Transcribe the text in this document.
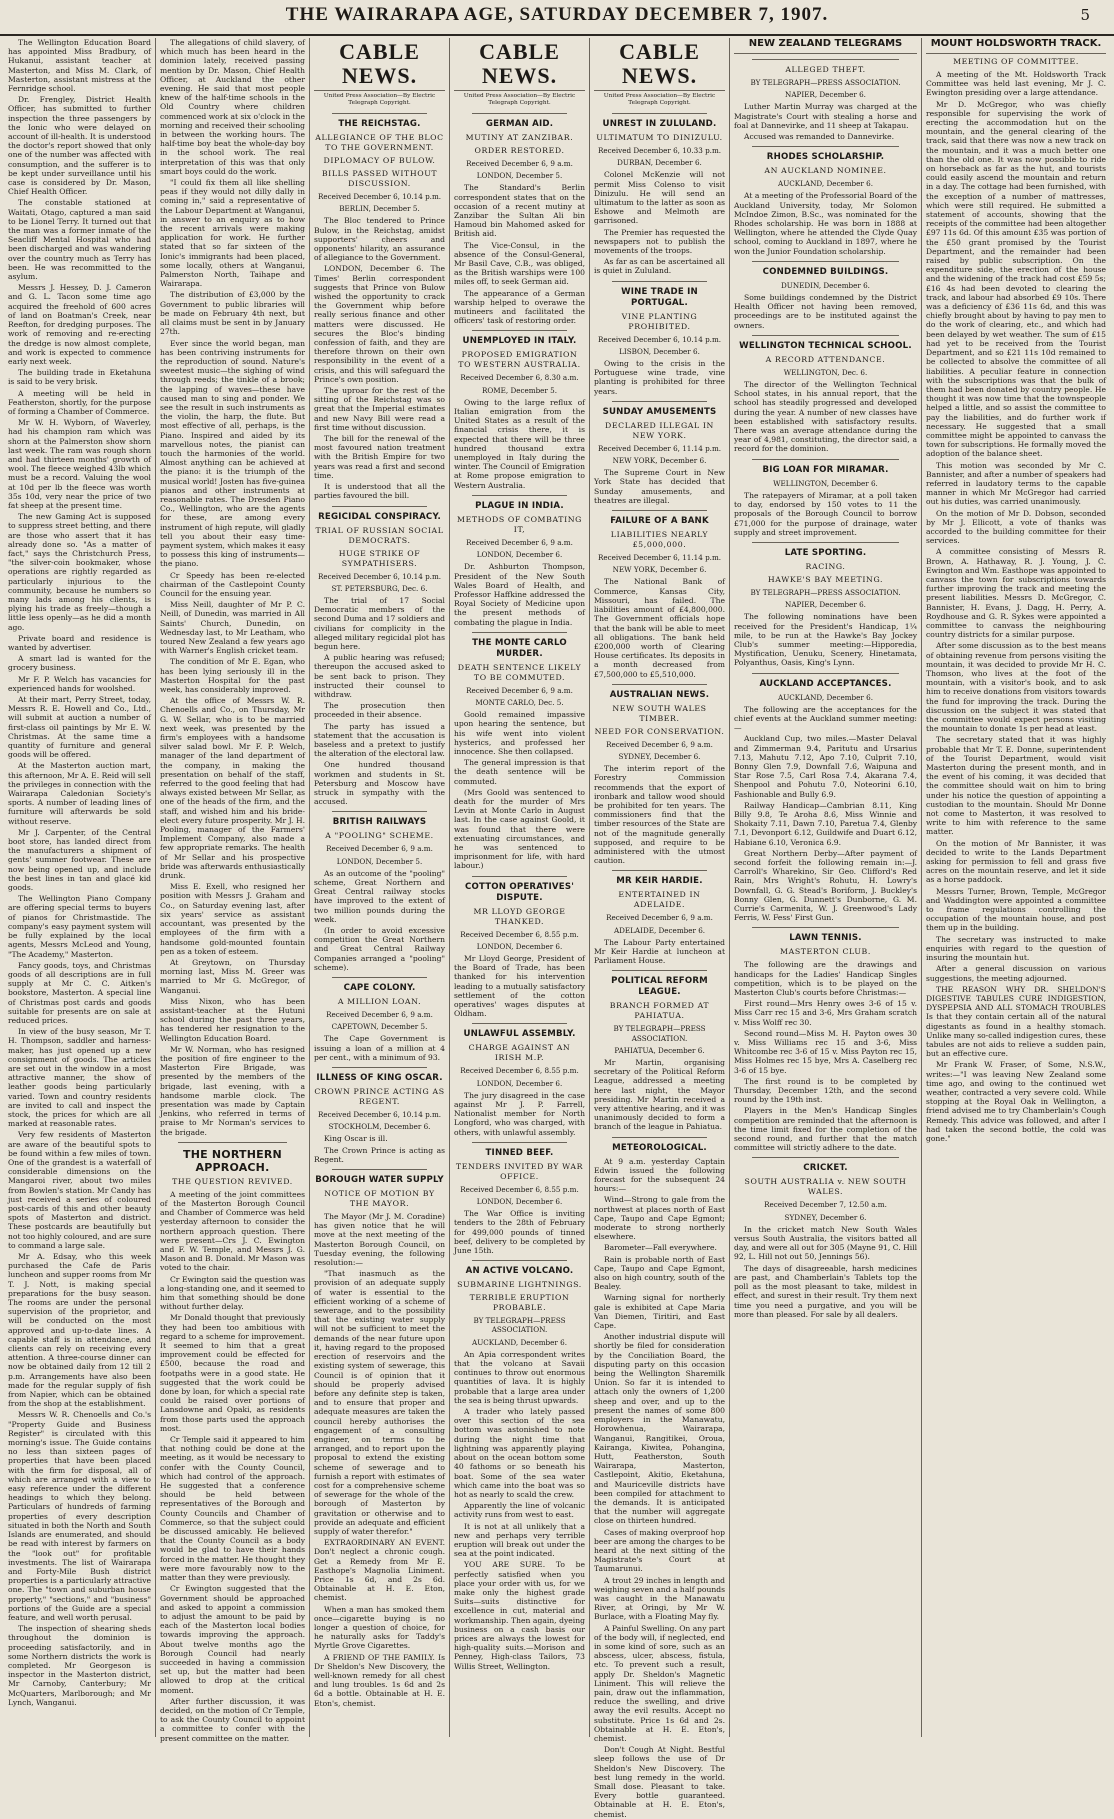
THE WAIRARAPA AGE, SATURDAY DECEMBER 7, 1907.	5

The Wellington Education Board has appointed Miss Bradbury, of Hukanui, assistant teacher at Masterton, and Miss M. Clark, of Masterton, assistant mistress at the Fernridge school.

Dr. Frengley, District Health Officer, has submitted to further inspection the three passengers by the Ionic who were delayed on account of ill-health. It is understood the doctor's report showed that only one of the number was affected with consumption, and the sufferer is to be kept under surveillance until his case is considered by Dr. Mason, Chief Health Officer.

The constable stationed at Waitati, Otago, captured a man said to be Lionel Terry. It turned out that the man was a former inmate of the Seacliff Mental Hospital who had been discharged and was wandering over the country much as Terry has been. He was recommitted to the asylum.

Messrs J. Hessey, D. J. Cameron and G. L. Tacon some time ago acquired the freehold of 600 acres of land on Boatman's Creek, near Reefton, for dredging purposes. The work of removing and re-erecting the dredge is now almost complete, and work is expected to commence early next week.

The building trade in Eketahuna is said to be very brisk.

A meeting will be held in Featherston, shortly, for the purpose of forming a Chamber of Commerce.

Mr W. H. Wyborn, of Waverley, had his champion ram which was shorn at the Palmerston show shorn last week. The ram was rough shorn and had thirteen months' growth of wool. The fleece weighed 43lb which must be a record. Valuing the wool at 10d per lb the fleece was worth 35s 10d, very near the price of two fat sheep at the present time.

The new Gaming Act is supposed to suppress street betting, and there are those who assert that it has already done so. "As a matter of fact," says the Christchurch Press, "the silver-coin bookmaker, whose operations are rightly regarded as particularly injurious to the community, because he numbers so many lads among his clients, is plying his trade as freely—though a little less openly—as he did a month ago.

Private board and residence is wanted by advertiser.

A smart lad is wanted for the grocery business.

Mr F. P. Welch has vacancies for experienced hands for woolshed.

At their mart, Perry Street, today, Messrs R. E. Howell and Co., Ltd., will submit at auction a number of first-class oil paintings by Mr E. W. Christmas. At the same time a quantity of furniture and general goods will be offered.

At the Masterton auction mart, this afternoon, Mr A. E. Reid will sell the privileges in connection with the Wairarapa Caledonian Society's sports. A number of leading lines of furniture will afterwards be sold without reserve.

Mr J. Carpenter, of the Central boot store, has landed direct from the manufacturers a shipment of gents' summer footwear. These are now being opened up, and include the best lines in tan and glacé kid goods.

The Wellington Piano Company are offering special terms to buyers of pianos for Christmastide. The company's easy payment system will be fully explained by the local agents, Messrs McLeod and Young, "The Academy," Masterton.

Fancy goods, toys, and Christmas goods of all descriptions are in full supply at Mr C. C. Aitken's bookstore, Masterton. A special line of Christmas post cards and goods suitable for presents are on sale at reduced prices.

In view of the busy season, Mr T. H. Thompson, saddler and harness-maker, has just opened up a new consignment of goods. The articles are set out in the window in a most attractive manner, the show of leather goods being particularly varied. Town and country residents are invited to call and inspect the stock, the prices for which are all marked at reasonable rates.

Very few residents of Masterton are aware of the beautiful spots to be found within a few miles of town. One of the grandest is a waterfall of considerable dimensions on the Mangaroi river, about two miles from Bowlen's station. Mr Candy has just received a series of coloured post-cards of this and other beauty spots of Masterton and district. These postcards are beautifully but not too highly coloured, and are sure to command a large sale.

Mr A. Edsay, who this week purchased the Cafe de Paris luncheon and supper rooms from Mr T. J. Nott, is making special preparations for the busy season. The rooms are under the personal supervision of the proprietor, and will be conducted on the most approved and up-to-date lines. A capable staff is in attendance, and clients can rely on receiving every attention. A three-course dinner can now be obtained daily from 12 till 2 p.m. Arrangements have also been made for the regular supply of fish from Napier, which can be obtained from the shop at the establishment.

Messrs W. R. Chenoells and Co.'s "Property Guide and Business Register" is circulated with this morning's issue. The Guide contains no less than sixteen pages of properties that have been placed with the firm for disposal, all of which are arranged with a view to easy reference under the different headings to which they belong. Particulars of hundreds of farming properties of every description situated in both the North and South Islands are enumerated, and should be read with interest by farmers on the "look out" for profitable investments. The list of Wairarapa and Forty-Mile Bush district properties is a particularly attractive one. The "town and suburban house property," "sections," and "business" portions of the Guide are a special feature, and well worth perusal.

The inspection of shearing sheds throughout the dominion is proceeding satisfactorily, and in some Northern districts the work is completed. Mr Georgeson is inspector in the Masterton district, Mr Carnoby, Canterbury; Mr McQuarters, Marlborough; and Mr Lynch, Wanganui.

The allegations of child slavery, of which much has been heard in the dominion lately, received passing mention by Dr. Mason, Chief Health Officer, at Auckland the other evening. He said that most people knew of the half-time schools in the Old Country where children commenced work at six o'clock in the morning and received their schooling in between the working hours. The half-time boy beat the whole-day boy in the school work. The real interpretation of this was that only smart boys could do the work.

"I could fix them all like shelling peas if they would not dilly dally in coming in," said a representative of the Labour Department at Wanganui, in answer to an enquiry as to how the recent arrivals were making application for work. He further stated that so far sixteen of the Ionic's immigrants had been placed, some locally, others at Wanganui, Palmerston North, Taihape and Wairarapa.

The distribution of £3,000 by the Government to public libraries will be made on February 4th next, but all claims must be sent in by January 27th.

Ever since the world began, man has been contriving instruments for the reproduction of sound. Nature's sweetest music—the sighing of wind through reeds; the tinkle of a brook; the lapping of waves—these have caused man to sing and ponder. We see the result in such instruments as the violin, the harp, the flute. But most effective of all, perhaps, is the Piano. Inspired and aided by its marvellous notes, the pianist can touch the harmonies of the world. Almost anything can be achieved at the piano: it is the triumph of the musical world! Josten has five-guinea pianos and other instruments at reasonable rates. The Dresden Piano Co., Wellington, who are the agents for these, are among every instrument of high repute, will gladly tell you about their easy time-payment system, which makes it easy to possess this king of instruments—the piano.

Cr Speedy has been re-elected chairman of the Castlepoint County Council for the ensuing year.

Miss Neill, daughter of Mr P. C. Neill, of Dunedin, was married in All Saints' Church, Dunedin, on Wednesday last, to Mr Leatham, who toured New Zealand a few years ago with Warner's English cricket team.

The condition of Mr E. Egan, who has been lying seriously ill in the Masterton Hospital for the past week, has considerably improved.

At the office of Messrs W. R. Chenoells and Co., on Thursday, Mr G. W. Sellar, who is to be married next week, was presented by the firm's employees with a handsome silver salad bowl. Mr F. P. Welch, manager of the land department of the company, in making the presentation on behalf of the staff, referred to the good feeling that had always existed between Mr Sellar, as one of the heads of the firm, and the staff, and wished him and his bride-elect every future prosperity. Mr J. H. Pooling, manager of the Farmers' Implement Company, also made a few appropriate remarks. The health of Mr Sellar and his prospective bride was afterwards enthusiastically drunk.

Miss E. Exell, who resigned her position with Messrs J. Graham and Co., on Saturday evening last, after six years' service as assistant accountant, was presented by the employees of the firm with a handsome gold-mounted fountain pen as a token of esteem.

At Greytown, on Thursday morning last, Miss M. Greer was married to Mr G. McGregor, of Wanganui.

Miss Nixon, who has been assistant-teacher at the Hutuni school during the past three years, has tendered her resignation to the Wellington Education Board.

Mr W. Norman, who has resigned the position of fire engineer to the Masterton Fire Brigade, was presented by the members of the brigade, last evening, with a handsome marble clock. The presentation was made by Captain Jenkins, who referred in terms of praise to Mr Norman's services to the brigade.

THE NORTHERN APPROACH.
THE QUESTION REVIVED.

A meeting of the joint committees of the Masterton Borough Council and Chamber of Commerce was held yesterday afternoon to consider the northern approach question. There were present—Crs J. C. Ewington and F. W. Temple, and Messrs J. G. Mason and B. Donald. Mr Mason was voted to the chair.

Cr Ewington said the question was a long-standing one, and it seemed to him that something should be done without further delay.

Mr Donald thought that previously they had been too ambitious with regard to a scheme for improvement. It seemed to him that a great improvement could be effected for £500, because the road and footpaths were in a good state. He suggested that the work could be done by loan, for which a special rate could be raised over portions of Lansdowne and Opaki, as residents from those parts used the approach most.

Cr Temple said it appeared to him that nothing could be done at the meeting, as it would be necessary to confer with the County Council, which had control of the approach. He suggested that a conference should be held between representatives of the Borough and County Councils and Chamber of Commerce, so that the subject could be discussed amicably. He believed that the County Council as a body would be glad to have their hands forced in the matter. He thought they were more favourably now to the matter than they were previously.

Cr Ewington suggested that the Government should be approached and asked to appoint a commission to adjust the amount to be paid by each of the Masterton local bodies towards improving the approach. About twelve months ago the Borough Council had nearly succeeded in having a commission set up, but the matter had been allowed to drop at the critical moment.

After further discussion, it was decided, on the motion of Cr Temple, to ask the County Council to appoint a committee to confer with the present committee on the matter.

CABLE NEWS.
United Press Association—By Electric Telegraph Copyright.
THE REICHSTAG.
ALLEGIANCE OF THE BLOC TO THE GOVERNMENT.
DIPLOMACY OF BULOW.
BILLS PASSED WITHOUT DISCUSSION.
Received December 6, 10.14 p.m.
BERLIN, December 5.

The Bloc tendered to Prince Bulow, in the Reichstag, amidst supporters' cheers and opponents' hilarity, an assurance of allegiance to the Government.

LONDON, December 6. The Times' Berlin correspondent suggests that Prince von Bulow wished the opportunity to crack the Government whip before really serious finance and other matters were discussed. He secures the Bloc's binding confession of faith, and they are therefore thrown on their own responsibility in the event of a crisis, and this will safeguard the Prince's own position.

The uproar for the rest of the sitting of the Reichstag was so great that the Imperial estimates and new Navy Bill were read a first time without discussion.

The bill for the renewal of the most favoured nation treatment with the British Empire for two years was read a first and second time.

It is understood that all the parties favoured the bill.

REGICIDAL CONSPIRACY.
TRIAL OF RUSSIAN SOCIAL DEMOCRATS.
HUGE STRIKE OF SYMPATHISERS.
Received December 6, 10.14 p.m.
ST. PETERSBURG, Dec. 6.

The trial of 17 Social Democratic members of the second Duma and 17 soldiers and civilians for complicity in the alleged military regicidal plot has begun here.

A public hearing was refused; thereupon the accused asked to be sent back to prison. They instructed their counsel to withdraw.

The prosecution then proceeded in their absence.

The party has issued a statement that the accusation is baseless and a pretext to justify the alteration of the electoral law.

One hundred thousand workmen and students in St. Petersburg and Moscow have struck in sympathy with the accused.

BRITISH RAILWAYS
A "POOLING" SCHEME.
Received December 6, 9 a.m.
LONDON, December 5.

As an outcome of the "pooling" scheme, Great Northern and Great Central railway stocks have improved to the extent of two million pounds during the week.

(In order to avoid excessive competition the Great Northern and Great Central Railway Companies arranged a "pooling" scheme).

CAPE COLONY.
A MILLION LOAN.
Received December 6, 9 a.m.
CAPETOWN, December 5.

The Cape Government is issuing a loan of a million at 4 per cent., with a minimum of 93.

ILLNESS OF KING OSCAR.
CROWN PRINCE ACTING AS REGENT.
Received December 6, 10.14 p.m.
STOCKHOLM, December 6.

King Oscar is ill.

The Crown Prince is acting as Regent.

BOROUGH WATER SUPPLY
NOTICE OF MOTION BY THE MAYOR.

The Mayor (Mr J. M. Coradine) has given notice that he will move at the next meeting of the Masterton Borough Council, on Tuesday evening, the following resolution:—

"That inasmuch as the provision of an adequate supply of water is essential to the efficient working of a scheme of sewerage, and to the possibility that the existing water supply will not be sufficient to meet the demands of the near future upon it, having regard to the proposed erection of reservoirs and the existing system of sewerage, this Council is of opinion that it should be properly advised before any definite step is taken, and to ensure that proper and adequate measures are taken the council hereby authorises the engagement of a consulting engineer, on terms to be arranged, and to report upon the proposal to extend the existing scheme of sewerage and to furnish a report with estimates of cost for a comprehensive scheme of sewerage for the whole of the borough of Masterton by gravitation or otherwise and to provide an adequate and efficient supply of water therefor."

EXTRAORDINARY AN EVENT. Don't neglect a chronic cough. Get a Remedy from Mr E. Easthope's Magnolia Liniment. Price 1s 6d, and 2s 6d. Obtainable at H. E. Eton, chemist.

When a man has smoked them once—cigarette buying is no longer a question of choice, for he naturally asks for Taddy's Myrtle Grove Cigarettes.

A FRIEND OF THE FAMILY. Is Dr Sheldon's New Discovery, the well-known remedy for all chest and lung troubles. 1s 6d and 2s 6d a bottle. Obtainable at H. E. Eton's, chemist.

CABLE NEWS.
United Press Association—By Electric Telegraph Copyright.
GERMAN AID.
MUTINY AT ZANZIBAR.
ORDER RESTORED.
Received December 6, 9 a.m.
LONDON, December 5.

The Standard's Berlin correspondent states that on the occasion of a recent mutiny at Zanzibar the Sultan Ali bin Hamoud bin Mahomed asked for British aid.

The Vice-Consul, in the absence of the Consul-General, Mr Basil Cave, C.B., was obliged, as the British warships were 100 miles off, to seek German aid.

The appearance of a German warship helped to overawe the mutineers and facilitated the officers' task of restoring order.

UNEMPLOYED IN ITALY.
PROPOSED EMIGRATION TO WESTERN AUSTRALIA.
Received December 6, 8.30 a.m.
ROME, December 5.

Owing to the large reflux of Italian emigration from the United States as a result of the financial crisis there, it is expected that there will be three hundred thousand extra unemployed in Italy during the winter. The Council of Emigration at Rome propose emigration to Western Australia.

PLAGUE IN INDIA.
METHODS OF COMBATING IT,
Received December 6, 9 a.m.
LONDON, December 6.

Dr. Ashburton Thompson, President of the New South Wales Board of Health, and Professor Haffkine addressed the Royal Society of Medicine upon the present methods of combating the plague in India.

THE MONTE CARLO MURDER.
DEATH SENTENCE LIKELY TO BE COMMUTED.
Received December 6, 9 a.m.
MONTE CARLO, Dec. 5.

Goold remained impassive upon hearing the sentence, but his wife went into violent hysterics, and professed her innocence. She then collapsed.

The general impression is that the death sentence will be commuted.

(Mrs Goold was sentenced to death for the murder of Mrs Levin at Monte Carlo in August last. In the case against Goold, it was found that there were extenuating circumstances, and he was sentenced to imprisonment for life, with hard labour.)

COTTON OPERATIVES' DISPUTE.
MR LLOYD GEORGE THANKED.
Received December 6, 8.55 p.m.
LONDON, December 6.

Mr Lloyd George, President of the Board of Trade, has been thanked for his intervention leading to a mutually satisfactory settlement of the cotton operatives' wages disputes at Oldham.

UNLAWFUL ASSEMBLY.
CHARGE AGAINST AN IRISH M.P.
Received December 6, 8.55 p.m.
LONDON, December 6.

The jury disagreed in the case against Mr J. P. Farrell, Nationalist member for North Longford, who was charged, with others, with unlawful assembly.

TINNED BEEF.
TENDERS INVITED BY WAR OFFICE.
Received December 6, 8.55 p.m.
LONDON, December 6.

The War Office is inviting tenders to the 28th of February for 499,000 pounds of tinned beef, delivery to be completed by June 15th.

AN ACTIVE VOLCANO.
SUBMARINE LIGHTNINGS.
TERRIBLE ERUPTION PROBABLE.
BY TELEGRAPH—PRESS ASSOCIATION.
AUCKLAND, December 6.

An Apia correspondent writes that the volcano at Savaii continues to throw out enormous quantities of lava. It is highly probable that a large area under the sea is being thrust upwards.

A trader who lately passed over this section of the sea bottom was astonished to note during the night time that lightning was apparently playing about on the ocean bottom some 40 fathoms or so beneath his boat. Some of the sea water which came into the boat was so hot as nearly to scald the crew.

Apparently the line of volcanic activity runs from west to east.

It is not at all unlikely that a new and perhaps very terrible eruption will break out under the sea at the point indicated.

YOU ARE SURE. To be perfectly satisfied when you place your order with us, for we make only the highest grade Suits—suits distinctive for excellence in cut, material and workmanship. Then again, dyeing business on a cash basis our prices are always the lowest for high-quality suits.—Morison and Penney, High-class Tailors, 73 Willis Street, Wellington.

CABLE NEWS.
United Press Association—By Electric Telegraph Copyright.
UNREST IN ZULULAND.
ULTIMATUM TO DINIZULU.
Received December 6, 10.33 p.m.
DURBAN, December 6.

Colonel McKenzie will not permit Miss Colenso to visit Dinizulu. He will send an ultimatum to the latter as soon as Eshowe and Melmoth are garrisoned.

The Premier has requested the newspapers not to publish the movements of the troops.

As far as can be ascertained all is quiet in Zululand.

WINE TRADE IN PORTUGAL.
VINE PLANTING PROHIBITED.
Received December 6, 10.14 p.m.
LISBON, December 6.

Owing to the crisis in the Portuguese wine trade, vine planting is prohibited for three years.

SUNDAY AMUSEMENTS
DECLARED ILLEGAL IN NEW YORK.
Received December 6, 11.14 p.m.
NEW YORK, December 6.

The Supreme Court in New York State has decided that Sunday amusements, and theatres are illegal.

FAILURE OF A BANK
LIABILITIES NEARLY £5,000,000.
Received December 6, 11.14 p.m.
NEW YORK, December 6.

The National Bank of Commerce, Kansas City, Missouri, has failed. The liabilities amount of £4,800,000. The Government officials hope that the bank will be able to meet all obligations. The bank held £200,000 worth of Clearing House certificates. Its deposits in a month decreased from £7,500,000 to £5,510,000.

AUSTRALIAN NEWS.
NEW SOUTH WALES TIMBER.
NEED FOR CONSERVATION.
Received December 6, 9 a.m.
SYDNEY, December 6.

The interim report of the Forestry Commission recommends that the export of ironbark and tallow wood should be prohibited for ten years. The commissioners find that the timber resources of the State are not of the magnitude generally supposed, and require to be administered with the utmost caution.

MR KEIR HARDIE.
ENTERTAINED IN ADELAIDE.
Received December 6, 9 a.m.
ADELAIDE, December 6.

The Labour Party entertained Mr Keir Hardie at luncheon at Parliament House.

POLITICAL REFORM LEAGUE.
BRANCH FORMED AT PAHIATUA.
BY TELEGRAPH—PRESS ASSOCIATION.
PAHIATUA, December 6.

Mr Martin, organising secretary of the Political Reform League, addressed a meeting here last night, the Mayor presiding. Mr Martin received a very attentive hearing, and it was unanimously decided to form a branch of the league in Pahiatua.

METEOROLOGICAL.

At 9 a.m. yesterday Captain Edwin issued the following forecast for the subsequent 24 hours:—

Wind—Strong to gale from the northwest at places north of East Cape, Taupo and Cape Egmont; moderate to strong northerly elsewhere.

Barometer—Fall everywhere.

Rain is probable north of East Cape, Taupo and Cape Egmont, also on high country, south of the Bealey.

Warning signal for northerly gale is exhibited at Cape Maria Van Diemen, Tiritiri, and East Cape.

Another industrial dispute will shortly be filed for consideration by the Conciliation Board, the disputing party on this occasion being the Wellington Sharemilk Union. So far it is intended to attach only the owners of 1,200 sheep and over, and up to the present the names of some 800 employers in the Manawatu, Horowhenua, Wairarapa, Wanganui, Rangitikei, Oroua, Kairanga, Kiwitea, Pohangina, Hutt, Featherston, South Wairarapa, Masterton, Castlepoint, Akitio, Eketahuna, and Mauriceville districts have been compiled for attachment to the demands. It is anticipated that the number will aggregate close on thirteen hundred.

Cases of making overproof hop beer are among the charges to be heard at the next sitting of the Magistrate's Court at Taumarunui.

A trout 29 inches in length and weighing seven and a half pounds was caught in the Manawatu River, at Oringi, by Mr W. Burlace, with a Floating May fly.

A Painful Swelling. On any part of the body will, if neglected, end in some kind of sore, such as an abscess, ulcer, abscess, fistula, etc. To prevent such a result, apply Dr. Sheldon's Magnetic Liniment. This will relieve the pain, draw out the inflammation, reduce the swelling, and drive away the evil results. Accept no substitute. Price 1s 6d and 2s. Obtainable at H. E. Eton's, chemist.

Don't Cough At Night. Bestful sleep follows the use of Dr Sheldon's New Discovery. The best lung remedy in the world. Small dose. Pleasant to take. Every bottle guaranteed. Obtainable at H. E. Eton's, chemist.

NEW ZEALAND TELEGRAMS
ALLEGED THEFT.
BY TELEGRAPH—PRESS ASSOCIATION.
NAPIER, December 6.

Luther Martin Murray was charged at the Magistrate's Court with stealing a horse and foal at Dannevirke, and 11 sheep at Takapau.

Accused was remanded to Dannevirke.

RHODES SCHOLARSHIP.
AN AUCKLAND NOMINEE.
AUCKLAND, December 6.

At a meeting of the Professorial Board of the Auckland University, today, Mr Solomon McIndoe Zimon, B.Sc., was nominated for the Rhodes scholarship. He was born in 1888 at Wellington, where he attended the Clyde Quay school, coming to Auckland in 1897, where he won the Junior Foundation scholarship.

CONDEMNED BUILDINGS.
DUNEDIN, December 6.

Some buildings condemned by the District Health Officer not having been removed, proceedings are to be instituted against the owners.

WELLINGTON TECHNICAL SCHOOL.
A RECORD ATTENDANCE.
WELLINGTON, Dec. 6.

The director of the Wellington Technical School states, in his annual report, that the school has steadily progressed and developed during the year. A number of new classes have been established with satisfactory results. There was an average attendance during the year of 4,981, constituting, the director said, a record for the dominion.

BIG LOAN FOR MIRAMAR.
WELLINGTON, December 6.

The ratepayers of Miramar, at a poll taken to day, endorsed by 150 votes to 11 the proposals of the Borough Council to borrow £71,000 for the purpose of drainage, water supply and street improvement.

LATE SPORTING.
RACING.
HAWKE'S BAY MEETING.
BY TELEGRAPH—PRESS ASSOCIATION.
NAPIER, December 6.

The following nominations have been received for the President's Handicap, 1¼ mile, to be run at the Hawke's Bay Jockey Club's summer meeting:—Hipporedia, Mystification, Uenuku, Scenery, Hinetamata, Polyanthus, Oasis, King's Lynn.

AUCKLAND ACCEPTANCES.
AUCKLAND, December 6.

The following are the acceptances for the chief events at the Auckland summer meeting:—

Auckland Cup, two miles.—Master Delaval and Zimmerman 9.4, Paritutu and Ursarius 7.13, Mahutu 7.12, Apo 7.10, Culprit 7.10, Bonny Glen 7.9, Downfall 7.6, Waipuna and Star Rose 7.5, Carl Rosa 7.4, Akarana 7.4, Shenpool and Pohutu 7.0, Noteorini 6.10, Fashionable and Bully 6.9.

Railway Handicap—Cambrian 8.11, King Billy 9.8, Te Aroha 8.6, Miss Winnie and Shokaity 7.11, Dawn 7.10, Paretua 7.4, Glenby 7.1, Devonport 6.12, Guildwife and Duart 6.12, Habiane 6.10, Veronica 6.9.

Great Northern Derby—After payment of second forfeit the following remain in:—J. Carroll's Wharekino, Sir Geo. Clifford's Red Rain, Mrs Wright's Rohutu, H. Lowry's Downfall, G. G. Stead's Boriform, J. Buckley's Bonny Glen, G. Dunnett's Dunborne, G. M. Currie's Carmenita, W. J. Greenwood's Lady Ferris, W. Fess' First Gun.

LAWN TENNIS.
MASTERTON CLUB.

The following are the drawings and handicaps for the Ladies' Handicap Singles competition, which is to be played on the Masterton Club's courts before Christmas:—

First round—Mrs Henry owes 3-6 of 15 v. Miss Carr rec 15 and 3-6, Mrs Graham scratch v. Miss Wolff rec 30.

Second round—Miss M. H. Payton owes 30 v. Miss Williams rec 15 and 3-6, Miss Whitcombe rec 3-6 of 15 v. Miss Payton rec 15, Miss Holmes rec 15 bye, Mrs A. Caselberg rec 3-6 of 15 bye.

The first round is to be completed by Thursday, December 12th, and the second round by the 19th inst.

Players in the Men's Handicap Singles competition are reminded that the afternoon is the time limit fixed for the completion of the second round, and further that the match committee will strictly adhere to the date.

CRICKET.
SOUTH AUSTRALIA v. NEW SOUTH WALES.
Received December 7, 12.50 a.m.
SYDNEY, December 6.

In the cricket match New South Wales versus South Australia, the visitors batted all day, and were all out for 305 (Mayne 91, C. Hill 92, L. Hill not out 50, Jennings 56).

The days of disagreeable, harsh medicines are past, and Chamberlain's Tablets top the poll as the most pleasant to take, mildest in effect, and surest in their result. Try them next time you need a purgative, and you will be more than pleased. For sale by all dealers.

MOUNT HOLDSWORTH TRACK.
MEETING OF COMMITTEE.

A meeting of the Mt. Holdsworth Track Committee was held last evening, Mr J. C. Ewington presiding over a large attendance.

Mr D. McGregor, who was chiefly responsible for supervising the work of erecting the accommodation hut on the mountain, and the general clearing of the track, said that there was now a new track on the mountain, and it was a much better one than the old one. It was now possible to ride on horseback as far as the hut, and tourists could easily ascend the mountain and return in a day. The cottage had been furnished, with the exception of a number of mattresses, which were still required. He submitted a statement of accounts, showing that the receipts of the committee had been altogether £97 11s 6d. Of this amount £35 was portion of the £50 grant promised by the Tourist Department, and the remainder had been raised by public subscription. On the expenditure side, the erection of the house and the widening of the track had cost £59 5s; £16 4s had been devoted to clearing the track, and labour had absorbed £9 10s. There was a deficiency of £36 11s 6d, and this was chiefly brought about by having to pay men to do the work of clearing, etc., and which had been delayed by wet weather. The sum of £15 had yet to be received from the Tourist Department, and so £21 11s 10d remained to be collected to absolve the committee of all liabilities. A peculiar feature in connection with the subscriptions was that the bulk of them had been donated by country people. He thought it was now time that the townspeople helped a little, and so assist the committee to pay the liabilities, and do further work if necessary. He suggested that a small committee might be appointed to canvass the town for subscriptions. He formally moved the adoption of the balance sheet.

This motion was seconded by Mr C. Bannister, and after a number of speakers had referred in laudatory terms to the capable manner in which Mr McGregor had carried out his duties, was carried unanimously.

On the motion of Mr D. Dobson, seconded by Mr J. Ellicott, a vote of thanks was accorded to the building committee for their services.

A committee consisting of Messrs R. Brown, A. Hathaway, R. J. Young, J. C. Ewington and Wm. Easthope was appointed to canvass the town for subscriptions towards further improving the track and meeting the present liabilities. Messrs D. McGregor, C. Bannister, H. Evans, J. Dagg, H. Perry, A. Roydhouse and G. R. Sykes were appointed a committee to canvass the neighbouring country districts for a similar purpose.

After some discussion as to the best means of obtaining revenue from persons visiting the mountain, it was decided to provide Mr H. C. Thomson, who lives at the foot of the mountain, with a visitor's book, and to ask him to receive donations from visitors towards the fund for improving the track. During the discussion on the subject it was stated that the committee would expect persons visiting the mountain to donate 1s per head at least.

The secretary stated that it was highly probable that Mr T. E. Donne, superintendent of the Tourist Department, would visit Masterton during the present month, and in the event of his coming, it was decided that the committee should wait on him to bring under his notice the question of appointing a custodian to the mountain. Should Mr Donne not come to Masterton, it was resolved to write to him with reference to the same matter.

On the motion of Mr Bannister, it was decided to write to the Lands Department asking for permission to fell and grass five acres on the mountain reserve, and let it side as a horse paddock.

Messrs Turner, Brown, Temple, McGregor and Waddington were appointed a committee to frame regulations controlling the occupation of the mountain house, and post them up in the building.

The secretary was instructed to make enquiries with regard to the question of insuring the mountain hut.

After a general discussion on various suggestions, the meeting adjourned.

THE REASON WHY DR. SHELDON'S DIGESTIVE TABULES CURE INDIGESTION, DYSPEPSIA AND ALL STOMACH TROUBLES Is that they contain certain all of the natural digestants as found in a healthy stomach. Unlike many so-called indigestion cures, these tabules are not aids to relieve a sudden pain, but an effective cure.

Mr Frank W. Fraser, of Some, N.S.W., writes:—"I was leaving New Zealand some time ago, and owing to the continued wet weather, contracted a very severe cold. While stopping at the Royal Oak in Wellington, a friend advised me to try Chamberlain's Cough Remedy. This advice was followed, and after I had taken the second bottle, the cold was gone."
